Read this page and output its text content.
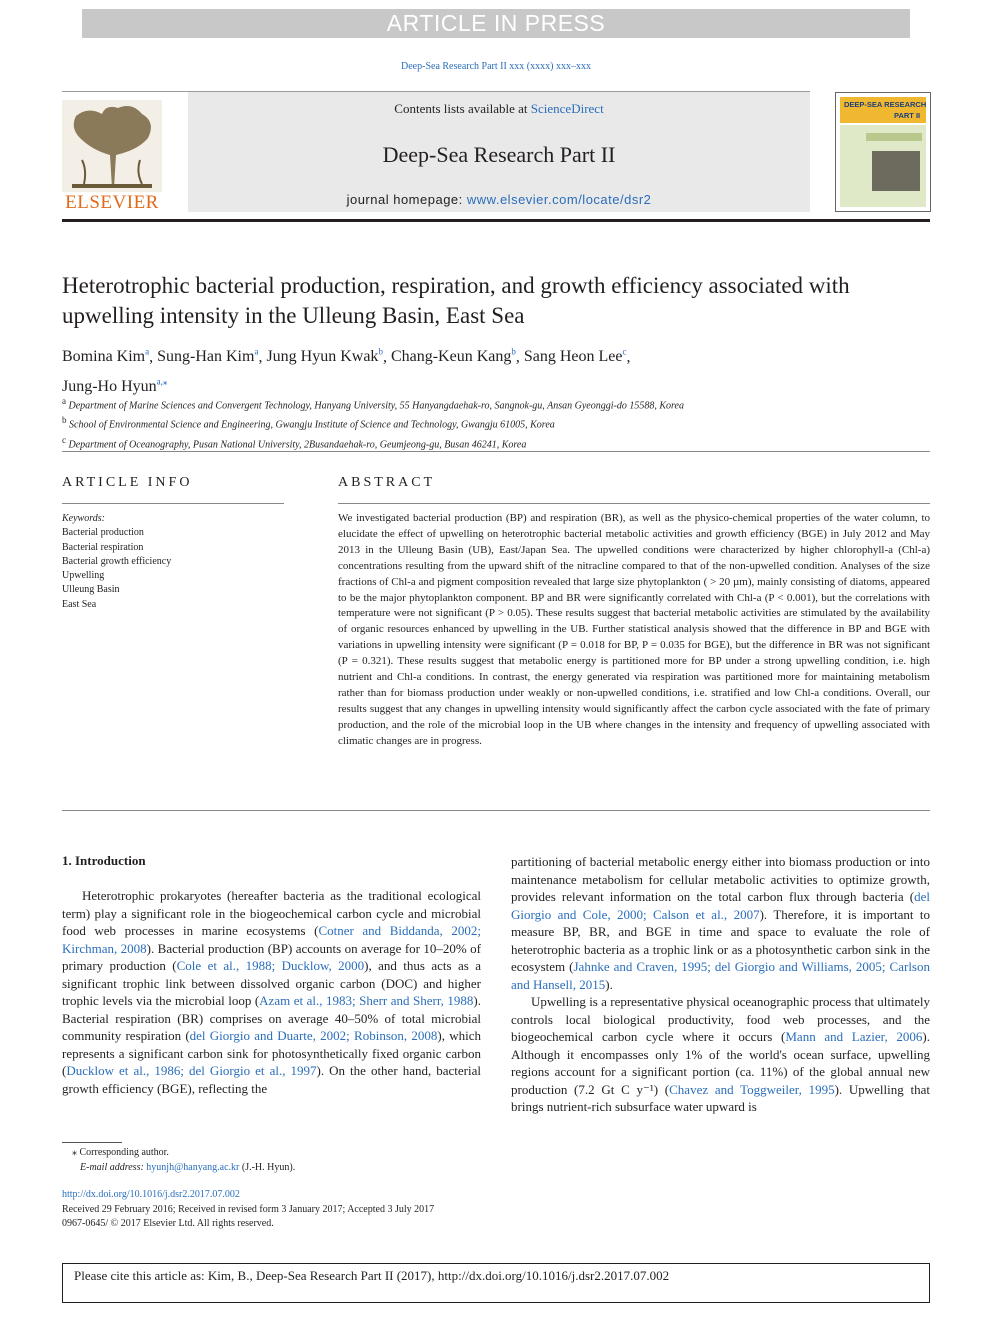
ARTICLE IN PRESS
Deep-Sea Research Part II xxx (xxxx) xxx–xxx
ELSEVIER
Contents lists available at ScienceDirect
Deep-Sea Research Part II
journal homepage: www.elsevier.com/locate/dsr2
DEEP-SEA RESEARCH
PART II
Heterotrophic bacterial production, respiration, and growth efficiency associated with upwelling intensity in the Ulleung Basin, East Sea
Bomina Kim$^a$, Sung-Han Kim$^a$, Jung Hyun Kwak$^b$, Chang-Keun Kang$^b$, Sang Heon Lee$^c$,
Jung-Ho Hyun$^{a,⁎}$
$^a$ Department of Marine Sciences and Convergent Technology, Hanyang University, 55 Hanyangdaehak-ro, Sangnok-gu, Ansan Gyeonggi-do 15588, Korea
$^b$ School of Environmental Science and Engineering, Gwangju Institute of Science and Technology, Gwangju 61005, Korea
$^c$ Department of Oceanography, Pusan National University, 2Busandaehak-ro, Geumjeong-gu, Busan 46241, Korea
ARTICLE INFO	ABSTRACT
Keywords:
Bacterial production
Bacterial respiration
Bacterial growth efficiency
Upwelling
Ulleung Basin
East Sea
We investigated bacterial production (BP) and respiration (BR), as well as the physico-chemical properties of the water column, to elucidate the effect of upwelling on heterotrophic bacterial metabolic activities and growth efficiency (BGE) in July 2012 and May 2013 in the Ulleung Basin (UB), East/Japan Sea. The upwelled conditions were characterized by higher chlorophyll-a (Chl-a) concentrations resulting from the upward shift of the nitracline compared to that of the non-upwelled condition. Analyses of the size fractions of Chl-a and pigment composition revealed that large size phytoplankton ( > 20 µm), mainly consisting of diatoms, appeared to be the major phytoplankton component. BP and BR were significantly correlated with Chl-a (P < 0.001), but the correlations with temperature were not significant (P > 0.05). These results suggest that bacterial metabolic activities are stimulated by the availability of organic resources enhanced by upwelling in the UB. Further statistical analysis showed that the difference in BP and BGE with variations in upwelling intensity were significant (P = 0.018 for BP, P = 0.035 for BGE), but the difference in BR was not significant (P = 0.321). These results suggest that metabolic energy is partitioned more for BP under a strong upwelling condition, i.e. high nutrient and Chl-a conditions. In contrast, the energy generated via respiration was partitioned more for maintaining metabolism rather than for biomass production under weakly or non-upwelled conditions, i.e. stratified and low Chl-a conditions. Overall, our results suggest that any changes in upwelling intensity would significantly affect the carbon cycle associated with the fate of primary production, and the role of the microbial loop in the UB where changes in the intensity and frequency of upwelling associated with climatic changes are in progress.
1. Introduction

Heterotrophic prokaryotes (hereafter bacteria as the traditional ecological term) play a significant role in the biogeochemical carbon cycle and microbial food web processes in marine ecosystems (Cotner and Biddanda, 2002; Kirchman, 2008). Bacterial production (BP) accounts on average for 10–20% of primary production (Cole et al., 1988; Ducklow, 2000), and thus acts as a significant trophic link between dissolved organic carbon (DOC) and higher trophic levels via the microbial loop (Azam et al., 1983; Sherr and Sherr, 1988). Bacterial respiration (BR) comprises on average 40–50% of total microbial community respiration (del Giorgio and Duarte, 2002; Robinson, 2008), which represents a significant carbon sink for photosynthetically fixed organic carbon (Ducklow et al., 1986; del Giorgio et al., 1997). On the other hand, bacterial growth efficiency (BGE), reflecting the

partitioning of bacterial metabolic energy either into biomass production or into maintenance metabolism for cellular metabolic activities to optimize growth, provides relevant information on the total carbon flux through bacteria (del Giorgio and Cole, 2000; Calson et al., 2007). Therefore, it is important to measure BP, BR, and BGE in time and space to evaluate the role of heterotrophic bacteria as a trophic link or as a photosynthetic carbon sink in the ecosystem (Jahnke and Craven, 1995; del Giorgio and Williams, 2005; Carlson and Hansell, 2015).

Upwelling is a representative physical oceanographic process that ultimately controls local biological productivity, food web processes, and the biogeochemical carbon cycle where it occurs (Mann and Lazier, 2006). Although it encompasses only 1% of the world's ocean surface, upwelling regions account for a significant portion (ca. 11%) of the global annual new production (7.2 Gt C y⁻¹) (Chavez and Toggweiler, 1995). Upwelling that brings nutrient-rich subsurface water upward is

⁎ Corresponding author.
E-mail address: hyunjh@hanyang.ac.kr (J.-H. Hyun).
http://dx.doi.org/10.1016/j.dsr2.2017.07.002
Received 29 February 2016; Received in revised form 3 January 2017; Accepted 3 July 2017
0967-0645/ © 2017 Elsevier Ltd. All rights reserved.
Please cite this article as: Kim, B., Deep-Sea Research Part II (2017), http://dx.doi.org/10.1016/j.dsr2.2017.07.002
